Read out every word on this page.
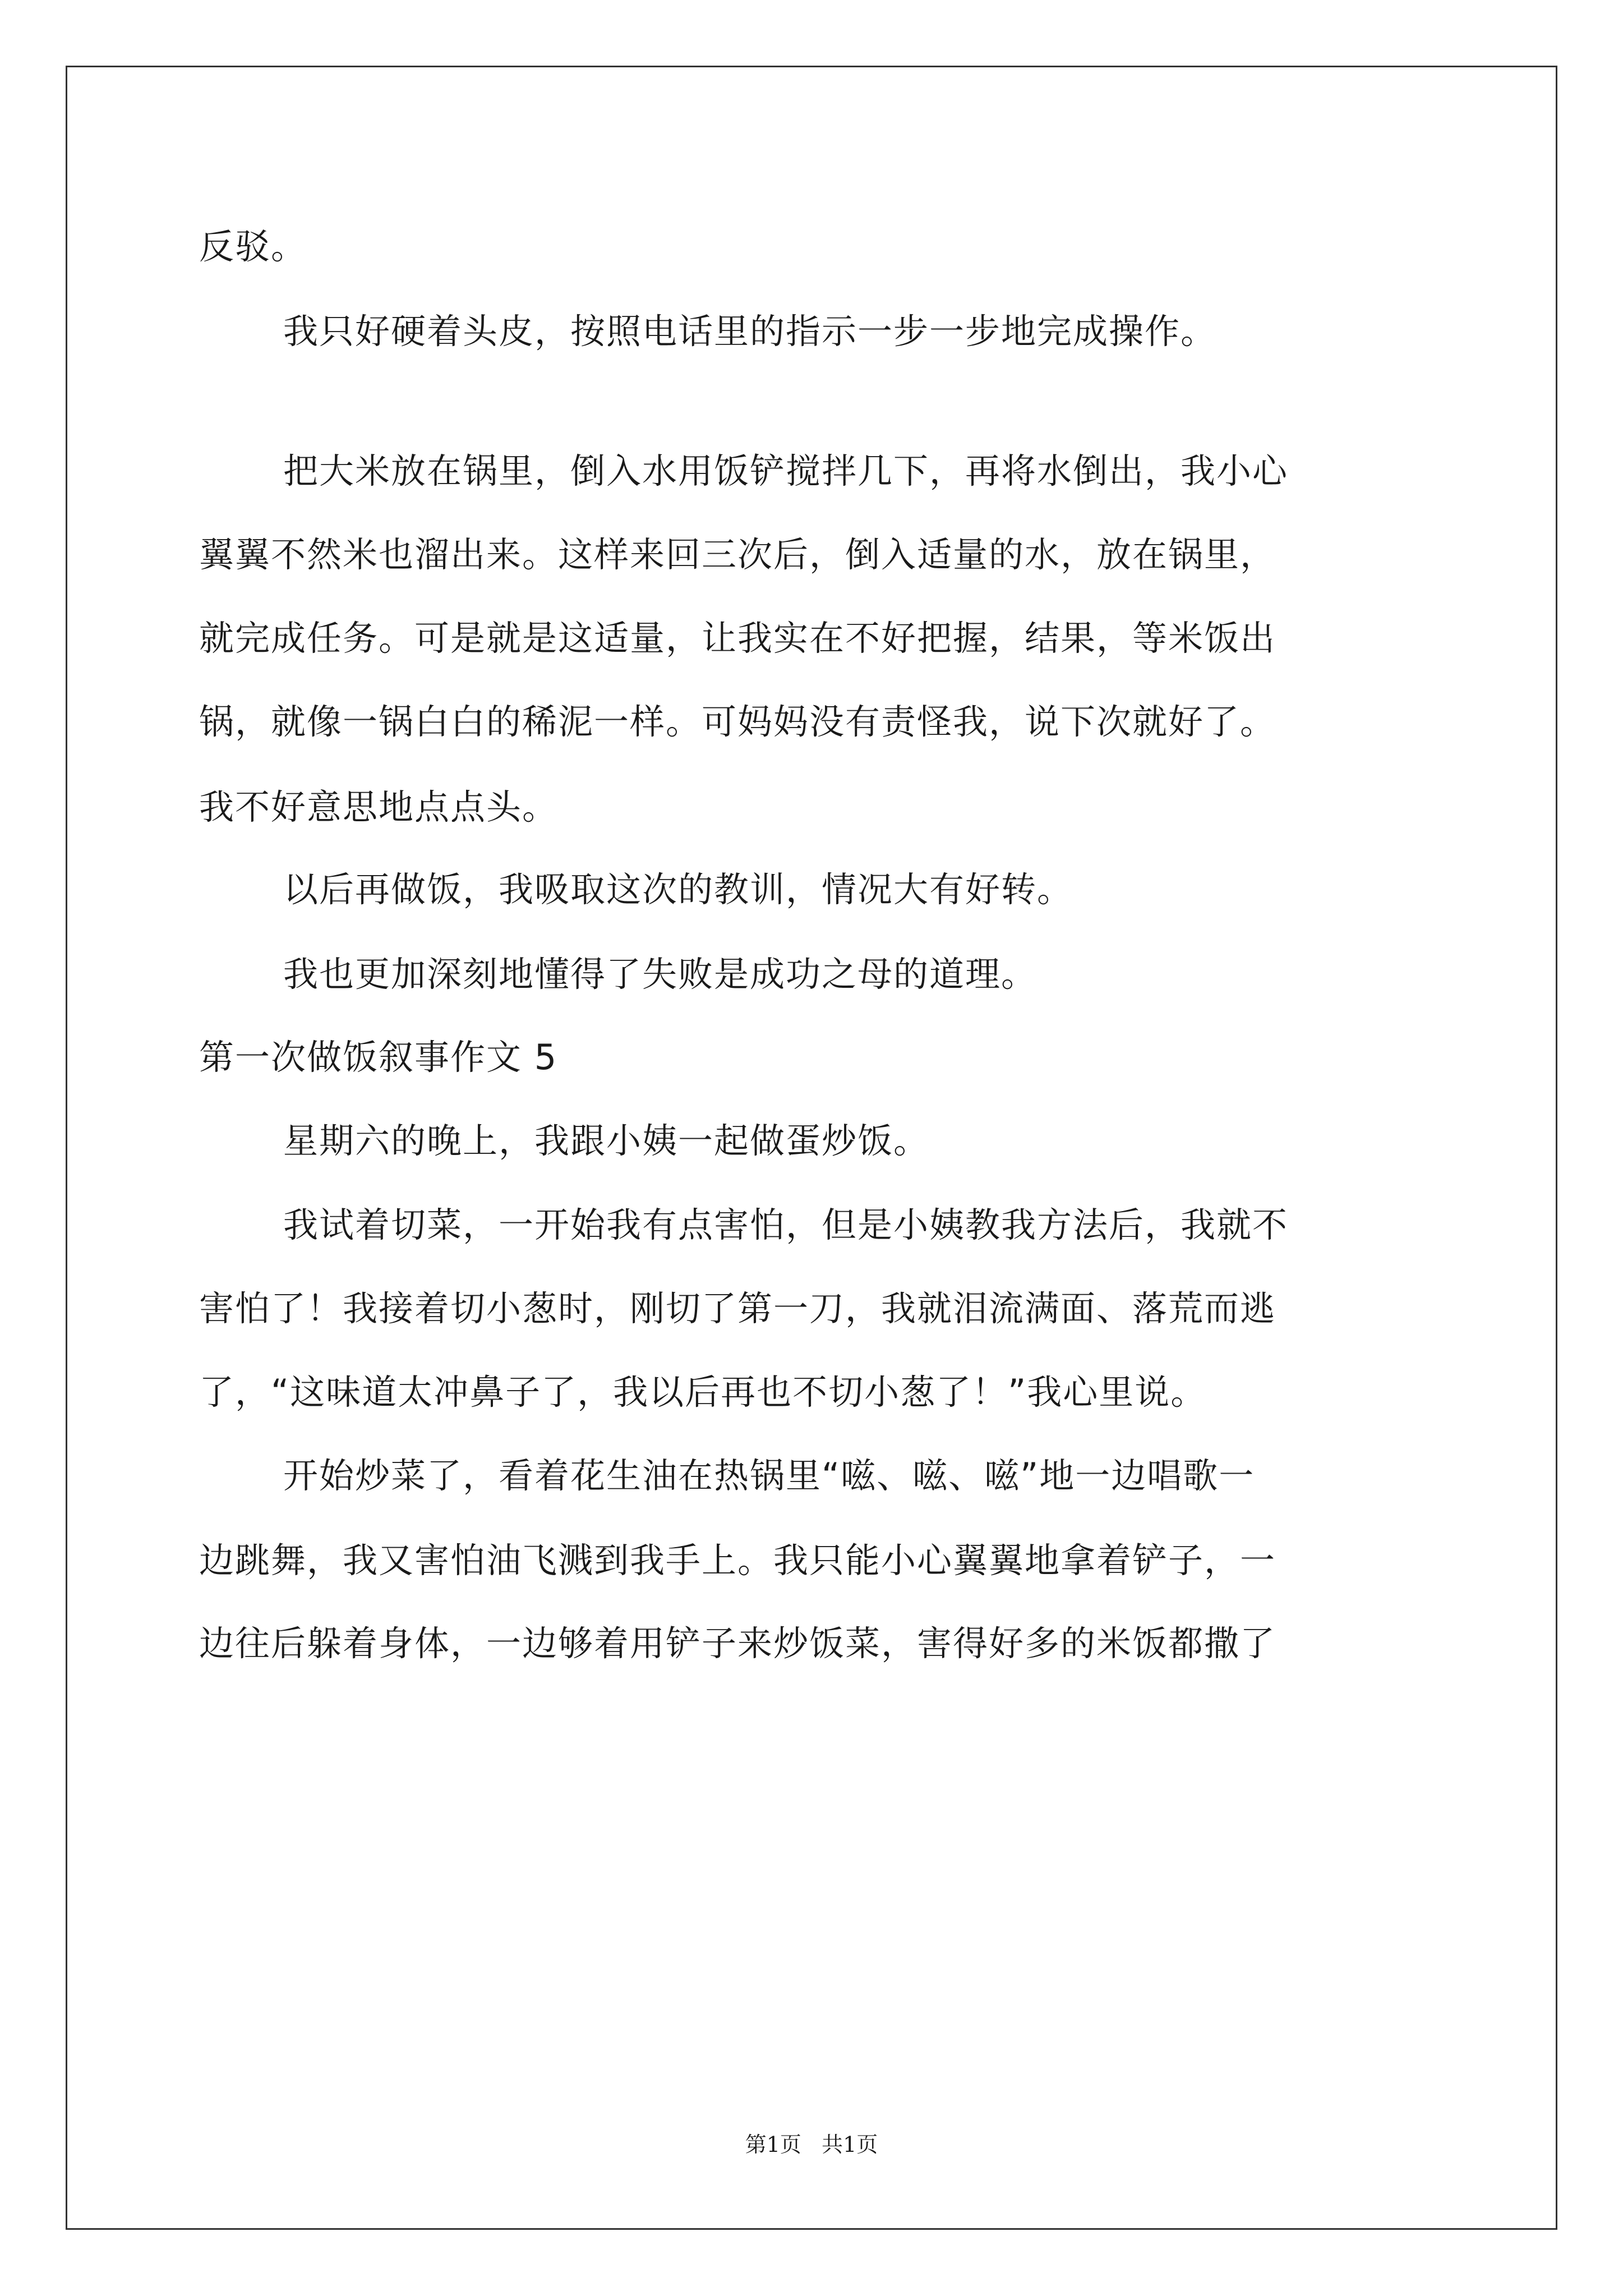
反驳。
我只好硬着头皮，按照电话里的指示一步一步地完成操作。
把大米放在锅里，倒入水用饭铲搅拌几下，再将水倒出，我小心
翼翼不然米也溜出来。这样来回三次后，倒入适量的水，放在锅里，
就完成任务。可是就是这适量，让我实在不好把握，结果，等米饭出
锅，就像一锅白白的稀泥一样。可妈妈没有责怪我，说下次就好了。
我不好意思地点点头。
以后再做饭，我吸取这次的教训，情况大有好转。
我也更加深刻地懂得了失败是成功之母的道理。
第一次做饭叙事作文 5
星期六的晚上，我跟小姨一起做蛋炒饭。
我试着切菜，一开始我有点害怕，但是小姨教我方法后，我就不
害怕了！我接着切小葱时，刚切了第一刀，我就泪流满面、落荒而逃
了，“这味道太冲鼻子了，我以后再也不切小葱了！”我心里说。
开始炒菜了，看着花生油在热锅里“嗞、嗞、嗞”地一边唱歌一
边跳舞，我又害怕油飞溅到我手上。我只能小心翼翼地拿着铲子，一
边往后躲着身体，一边够着用铲子来炒饭菜，害得好多的米饭都撒了
第1页   共1页
